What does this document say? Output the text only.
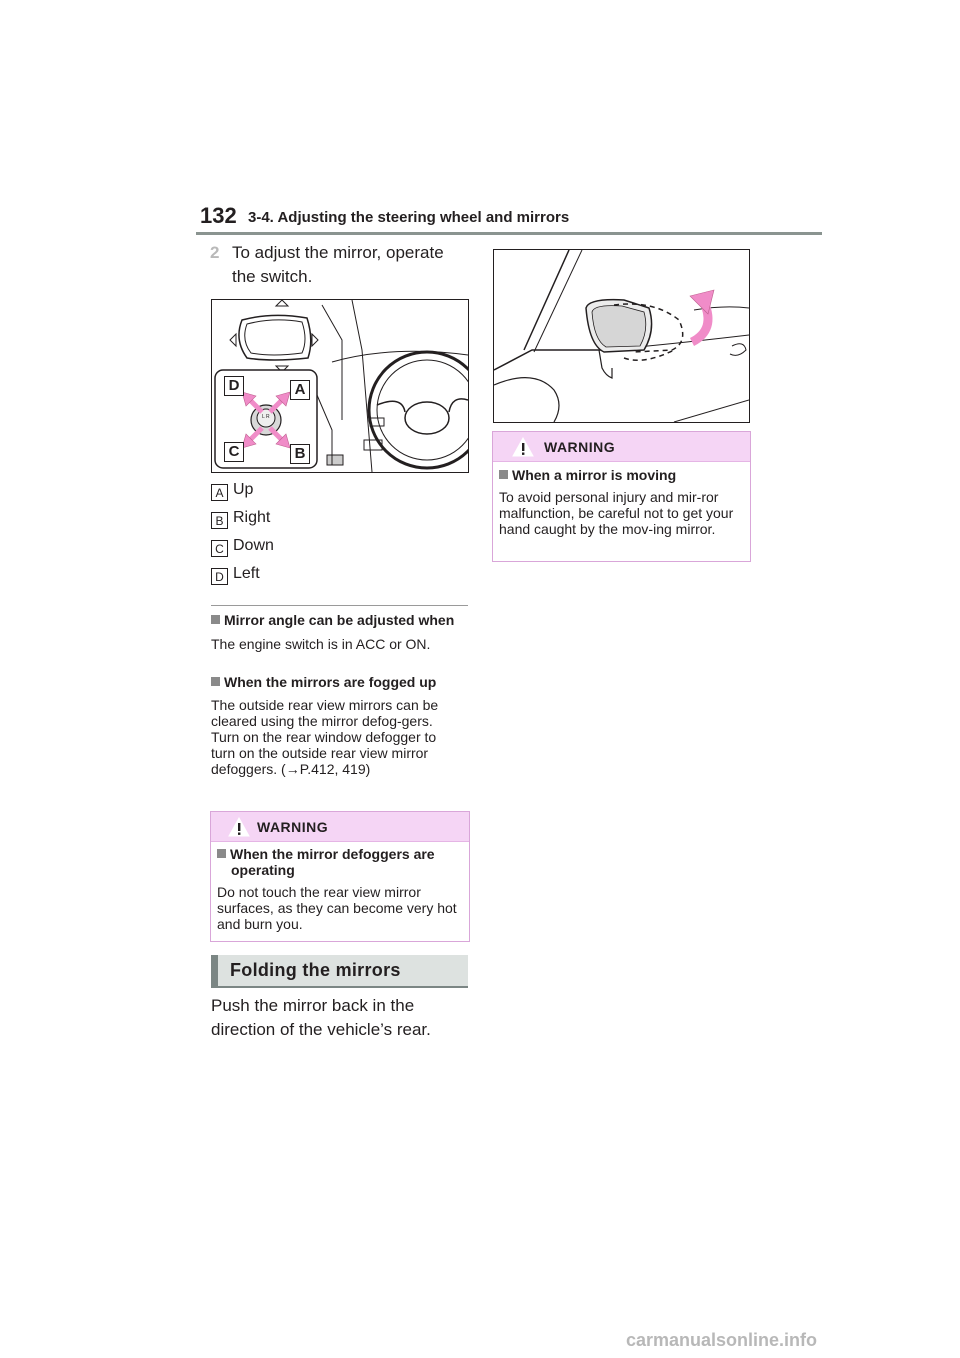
132 3-4. Adjusting the steering wheel and mirrors
2 To adjust the mirror, operate the switch.
L R
D	A
C	B
A Up
B Right
C Down
D Left
Mirror angle can be adjusted when
The engine switch is in ACC or ON.
When the mirrors are fogged up
The outside rear view mirrors can be cleared using the mirror defog-gers. Turn on the rear window defogger to turn on the outside rear view mirror defoggers. (→P.412, 419)
WARNING
When the mirror defoggers are operating
Do not touch the rear view mirror surfaces, as they can become very hot and burn you.
Folding the mirrors
Push the mirror back in the direction of the vehicle’s rear.
WARNING
When a mirror is moving
To avoid personal injury and mir-ror malfunction, be careful not to get your hand caught by the mov-ing mirror.
carmanualsonline.info
